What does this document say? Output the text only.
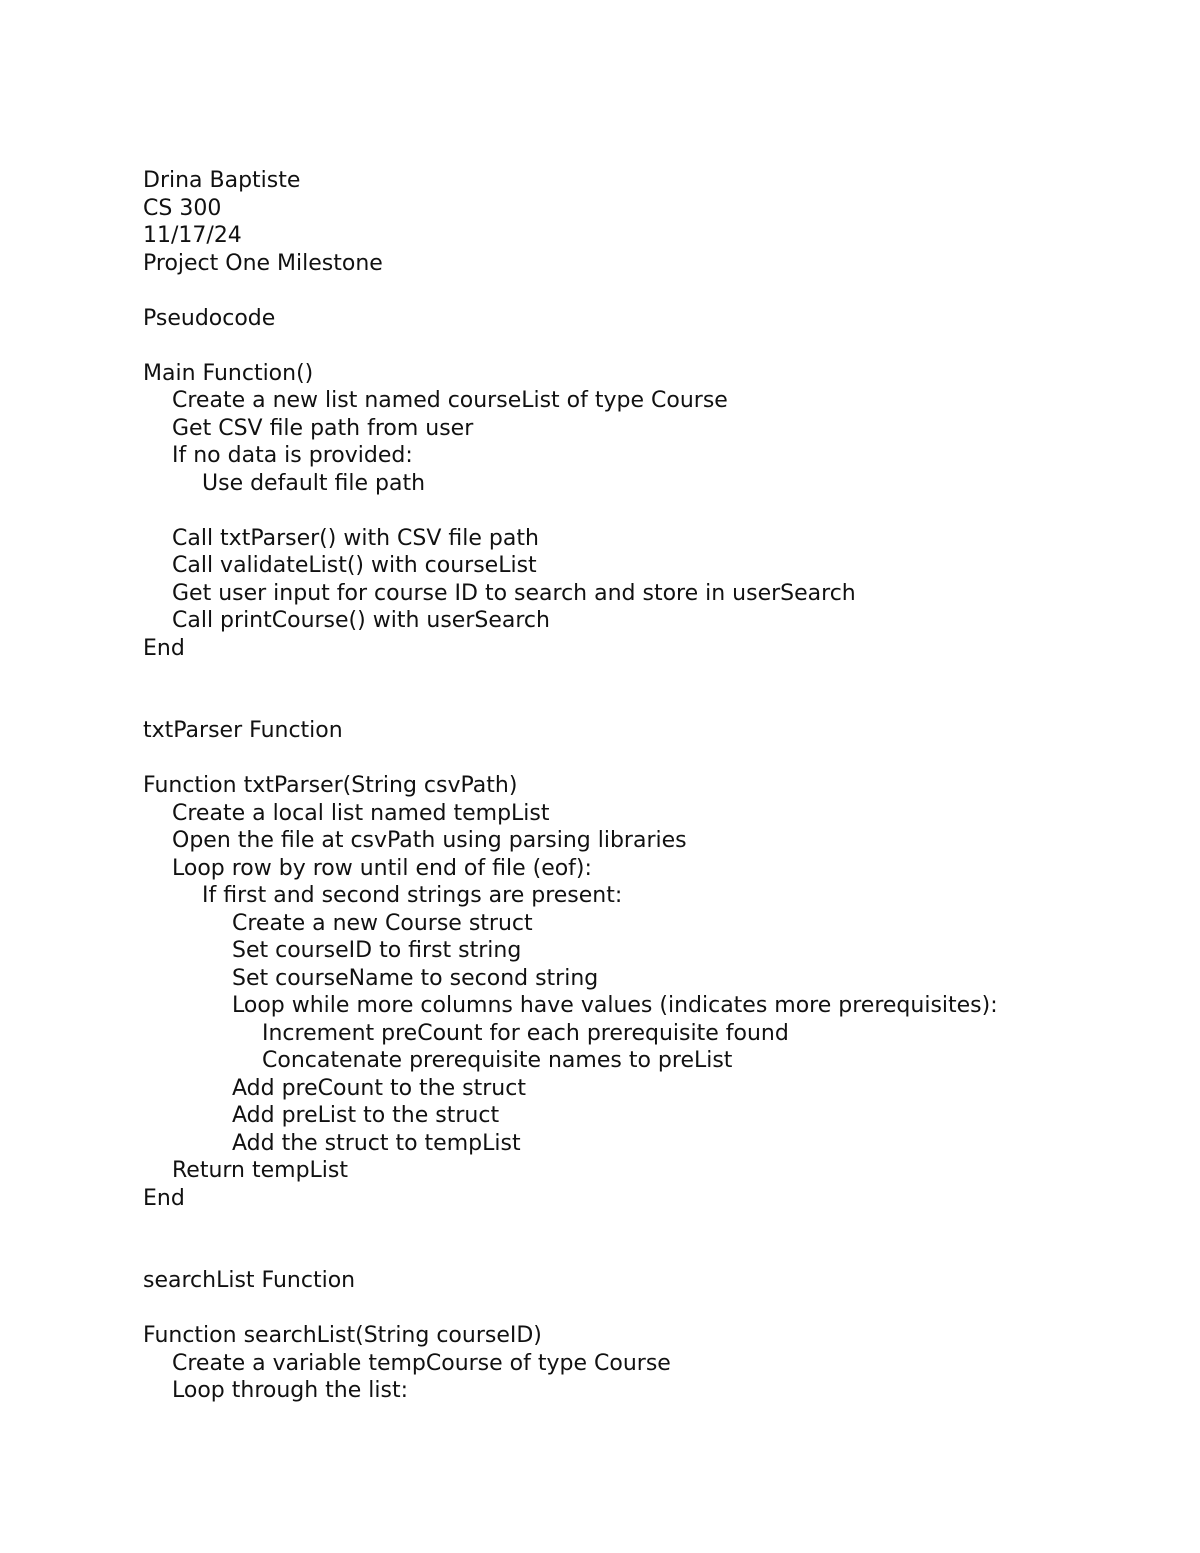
Drina Baptiste
CS 300
11/17/24
Project One Milestone
Pseudocode
Main Function()
Create a new list named courseList of type Course
Get CSV file path from user
If no data is provided:
Use default file path
Call txtParser() with CSV file path
Call validateList() with courseList
Get user input for course ID to search and store in userSearch
Call printCourse() with userSearch
End
txtParser Function
Function txtParser(String csvPath)
Create a local list named tempList
Open the file at csvPath using parsing libraries
Loop row by row until end of file (eof):
If first and second strings are present:
Create a new Course struct
Set courseID to first string
Set courseName to second string
Loop while more columns have values (indicates more prerequisites):
Increment preCount for each prerequisite found
Concatenate prerequisite names to preList
Add preCount to the struct
Add preList to the struct
Add the struct to tempList
Return tempList
End
searchList Function
Function searchList(String courseID)
Create a variable tempCourse of type Course
Loop through the list:
